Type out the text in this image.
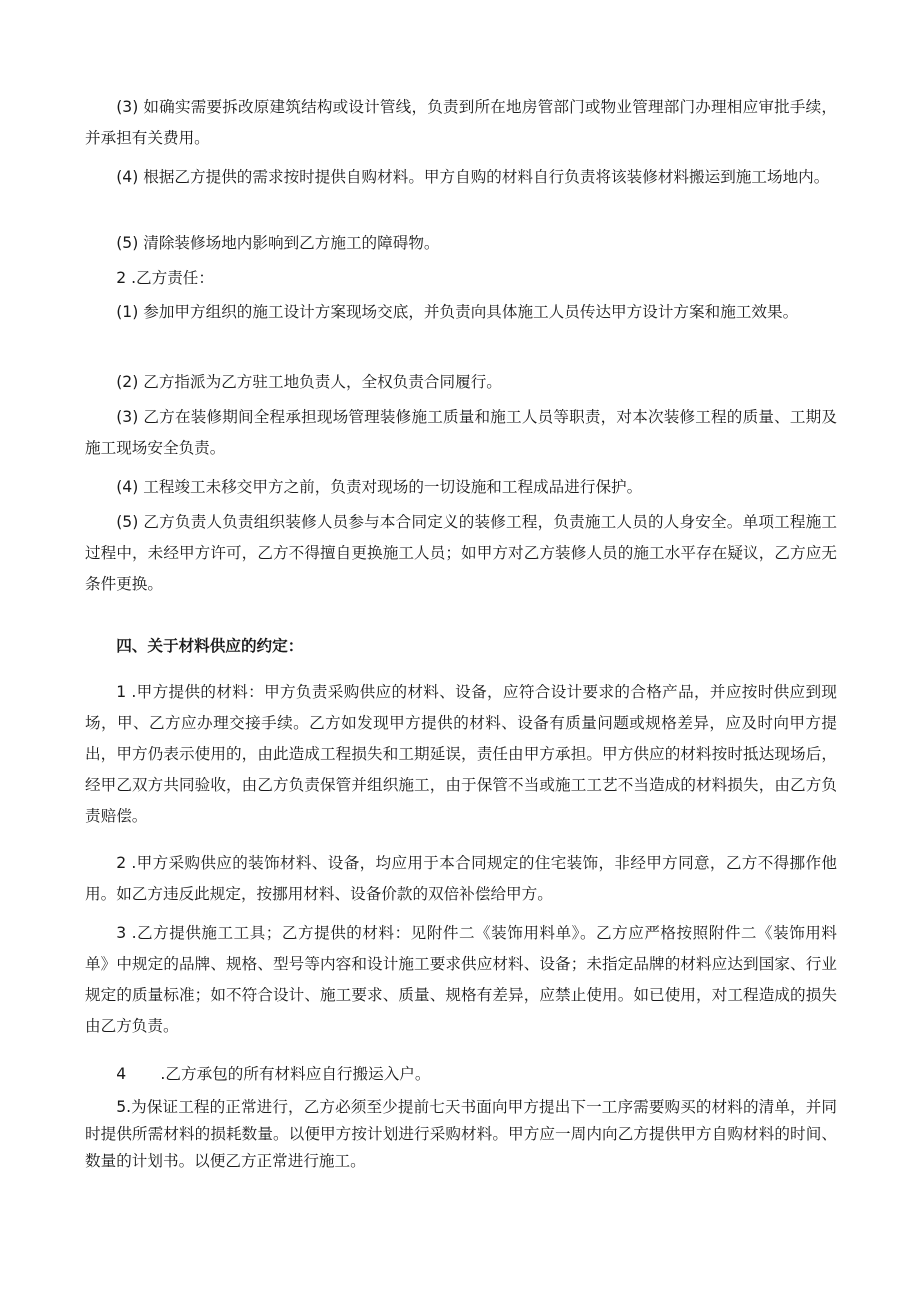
(3) 如确实需要拆改原建筑结构或设计管线，负责到所在地房管部门或物业管理部门办理相应审批手续，并承担有关费用。

(4) 根据乙方提供的需求按时提供自购材料。甲方自购的材料自行负责将该装修材料搬运到施工场地内。

(5) 清除装修场地内影响到乙方施工的障碍物。

2 .乙方责任：

(1) 参加甲方组织的施工设计方案现场交底，并负责向具体施工人员传达甲方设计方案和施工效果。

(2) 乙方指派为乙方驻工地负责人，全权负责合同履行。

(3) 乙方在装修期间全程承担现场管理装修施工质量和施工人员等职责，对本次装修工程的质量、工期及施工现场安全负责。

(4) 工程竣工未移交甲方之前，负责对现场的一切设施和工程成品进行保护。

(5) 乙方负责人负责组织装修人员参与本合同定义的装修工程，负责施工人员的人身安全。单项工程施工过程中，未经甲方许可，乙方不得擅自更换施工人员；如甲方对乙方装修人员的施工水平存在疑议，乙方应无条件更换。

四、关于材料供应的约定：

1 .甲方提供的材料：甲方负责采购供应的材料、设备，应符合设计要求的合格产品，并应按时供应到现场，甲、乙方应办理交接手续。乙方如发现甲方提供的材料、设备有质量问题或规格差异，应及时向甲方提出，甲方仍表示使用的，由此造成工程损失和工期延误，责任由甲方承担。甲方供应的材料按时抵达现场后，经甲乙双方共同验收，由乙方负责保管并组织施工，由于保管不当或施工工艺不当造成的材料损失，由乙方负责赔偿。

2 .甲方采购供应的装饰材料、设备，均应用于本合同规定的住宅装饰，非经甲方同意，乙方不得挪作他用。如乙方违反此规定，按挪用材料、设备价款的双倍补偿给甲方。

3 .乙方提供施工工具；乙方提供的材料：见附件二《装饰用料单》。乙方应严格按照附件二《装饰用料单》中规定的品牌、规格、型号等内容和设计施工要求供应材料、设备；未指定品牌的材料应达到国家、行业规定的质量标准；如不符合设计、施工要求、质量、规格有差异，应禁止使用。如已使用，对工程造成的损失由乙方负责。

4 .乙方承包的所有材料应自行搬运入户。

5.为保证工程的正常进行，乙方必须至少提前七天书面向甲方提出下一工序需要购买的材料的清单，并同时提供所需材料的损耗数量。以便甲方按计划进行采购材料。甲方应一周内向乙方提供甲方自购材料的时间、数量的计划书。以便乙方正常进行施工。
